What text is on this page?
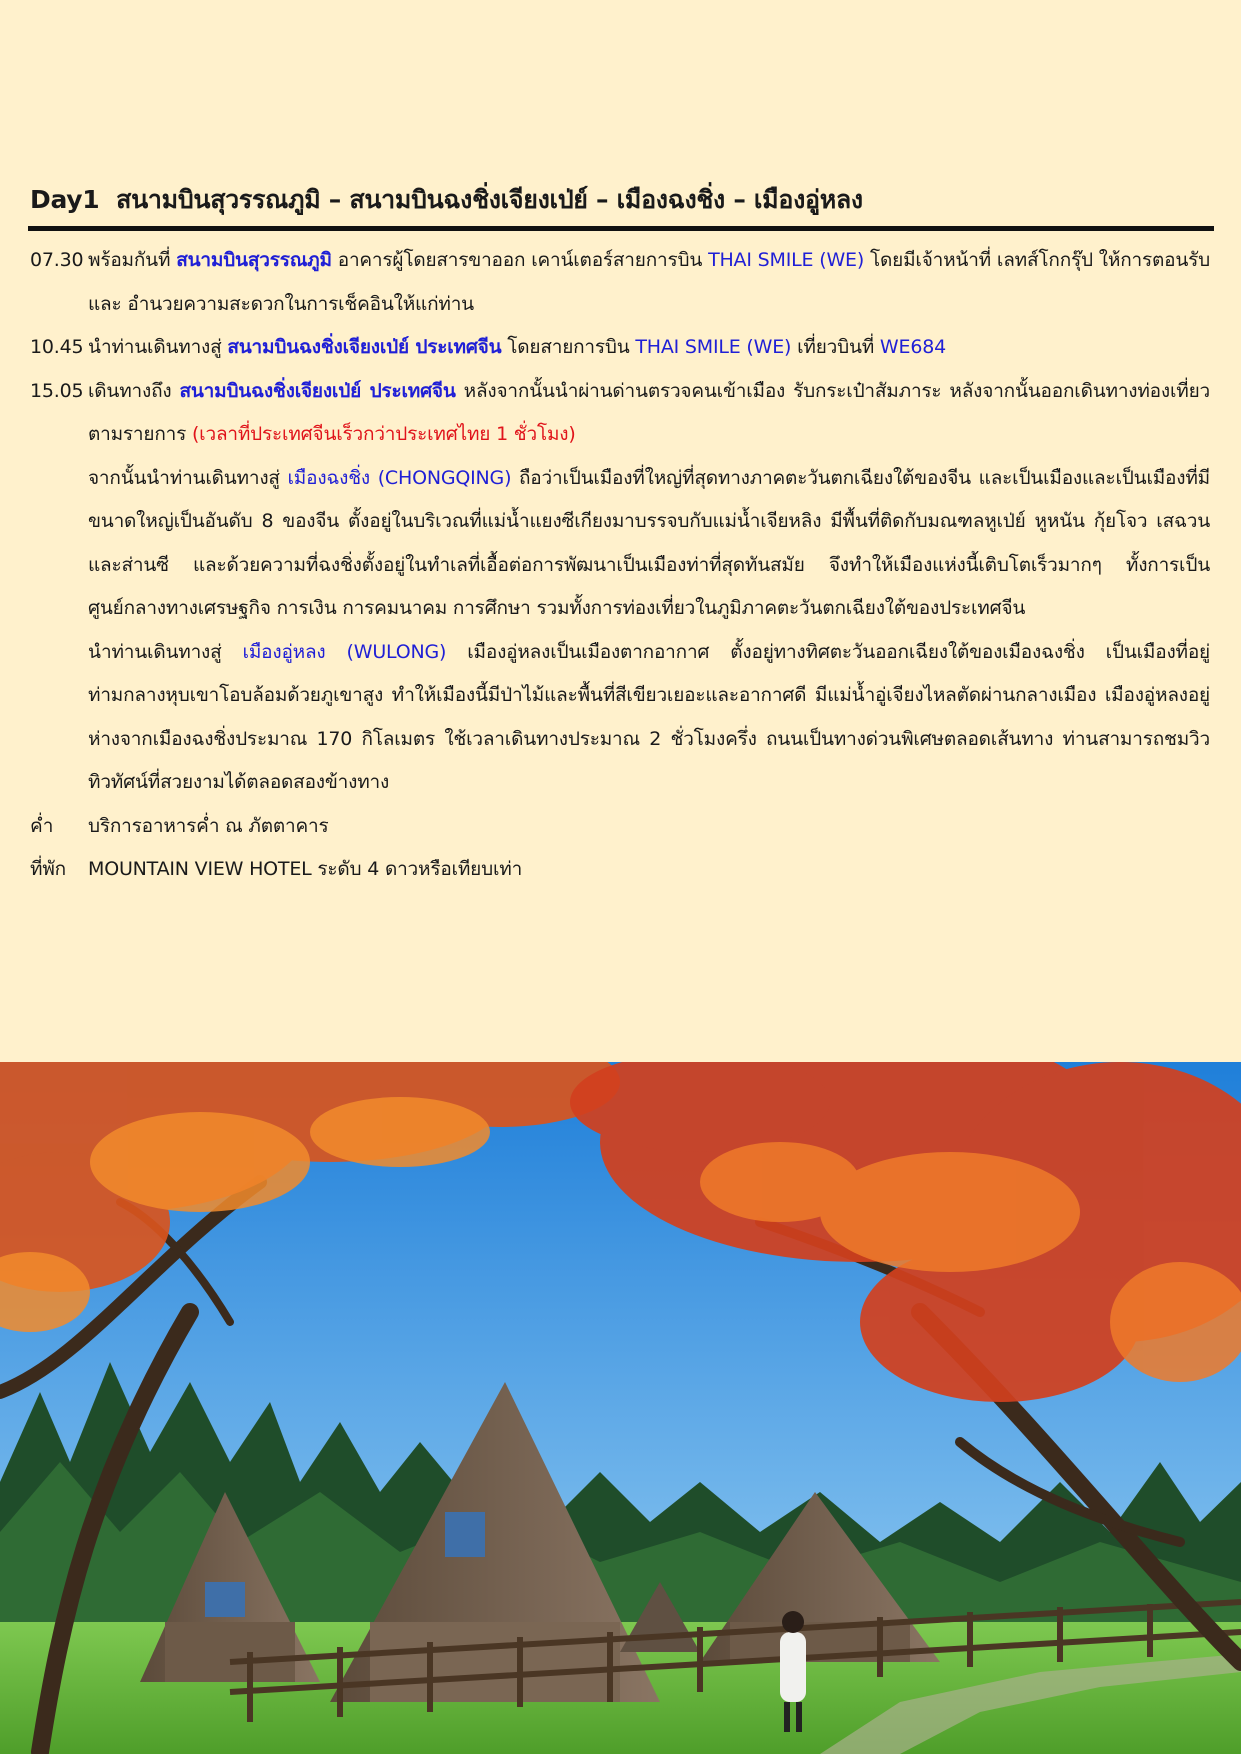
Day1 สนามบินสุวรรณภูมิ – สนามบินฉงชิ่งเจียงเป่ย์ – เมืองฉงชิ่ง – เมืองอู่หลง
07.30 พร้อมกันที่ สนามบินสุวรรณภูมิ อาคารผู้โดยสารขาออก เคาน์เตอร์สายการบิน THAI SMILE (WE) โดยมีเจ้าหน้าที่ เลทส์โกกรุ๊ป ให้การตอนรับ และ อำนวยความสะดวกในการเช็คอินให้แก่ท่าน
10.45 นำท่านเดินทางสู่ สนามบินฉงชิ่งเจียงเป่ย์ ประเทศจีน โดยสายการบิน THAI SMILE (WE) เที่ยวบินที่ WE684
15.05 เดินทางถึง สนามบินฉงชิ่งเจียงเป่ย์ ประเทศจีน หลังจากนั้นนำผ่านด่านตรวจคนเข้าเมือง รับกระเป๋าสัมภาระ หลังจากนั้นออกเดินทางท่องเที่ยวตามรายการ (เวลาที่ประเทศจีนเร็วกว่าประเทศไทย 1 ชั่วโมง)
จากนั้นนำท่านเดินทางสู่ เมืองฉงชิ่ง (CHONGQING) ถือว่าเป็นเมืองที่ใหญ่ที่สุดทางภาคตะวันตกเฉียงใต้ของจีน และเป็นเมืองและเป็นเมืองที่มีขนาดใหญ่เป็นอันดับ 8 ของจีน ตั้งอยู่ในบริเวณที่แม่น้ำแยงซีเกียงมาบรรจบกับแม่น้ำเจียหลิง มีพื้นที่ติดกับมณฑลหูเป่ย์ หูหนัน กุ้ยโจว เสฉวนและส่านซี และด้วยความที่ฉงชิ่งตั้งอยู่ในทำเลที่เอื้อต่อการพัฒนาเป็นเมืองท่าที่สุดทันสมัย จึงทำให้เมืองแห่งนี้เติบโตเร็วมากๆ ทั้งการเป็นศูนย์กลางทางเศรษฐกิจ การเงิน การคมนาคม การศึกษา รวมทั้งการท่องเที่ยวในภูมิภาคตะวันตกเฉียงใต้ของประเทศจีน
นำท่านเดินทางสู่ เมืองอู่หลง (WULONG) เมืองอู่หลงเป็นเมืองตากอากาศ ตั้งอยู่ทางทิศตะวันออกเฉียงใต้ของเมืองฉงชิ่ง เป็นเมืองที่อยู่ท่ามกลางหุบเขาโอบล้อมด้วยภูเขาสูง ทำให้เมืองนี้มีป่าไม้และพื้นที่สีเขียวเยอะและอากาศดี มีแม่น้ำอู่เจียงไหลตัดผ่านกลางเมือง เมืองอู่หลงอยู่ห่างจากเมืองฉงชิ่งประมาณ 170 กิโลเมตร ใช้เวลาเดินทางประมาณ 2 ชั่วโมงครึ่ง ถนนเป็นทางด่วนพิเศษตลอดเส้นทาง ท่านสามารถชมวิวทิวทัศน์ที่สวยงามได้ตลอดสองข้างทาง
ค่ำ	บริการอาหารค่ำ ณ ภัตตาคาร
ที่พัก	MOUNTAIN VIEW HOTEL ระดับ 4 ดาวหรือเทียบเท่า
